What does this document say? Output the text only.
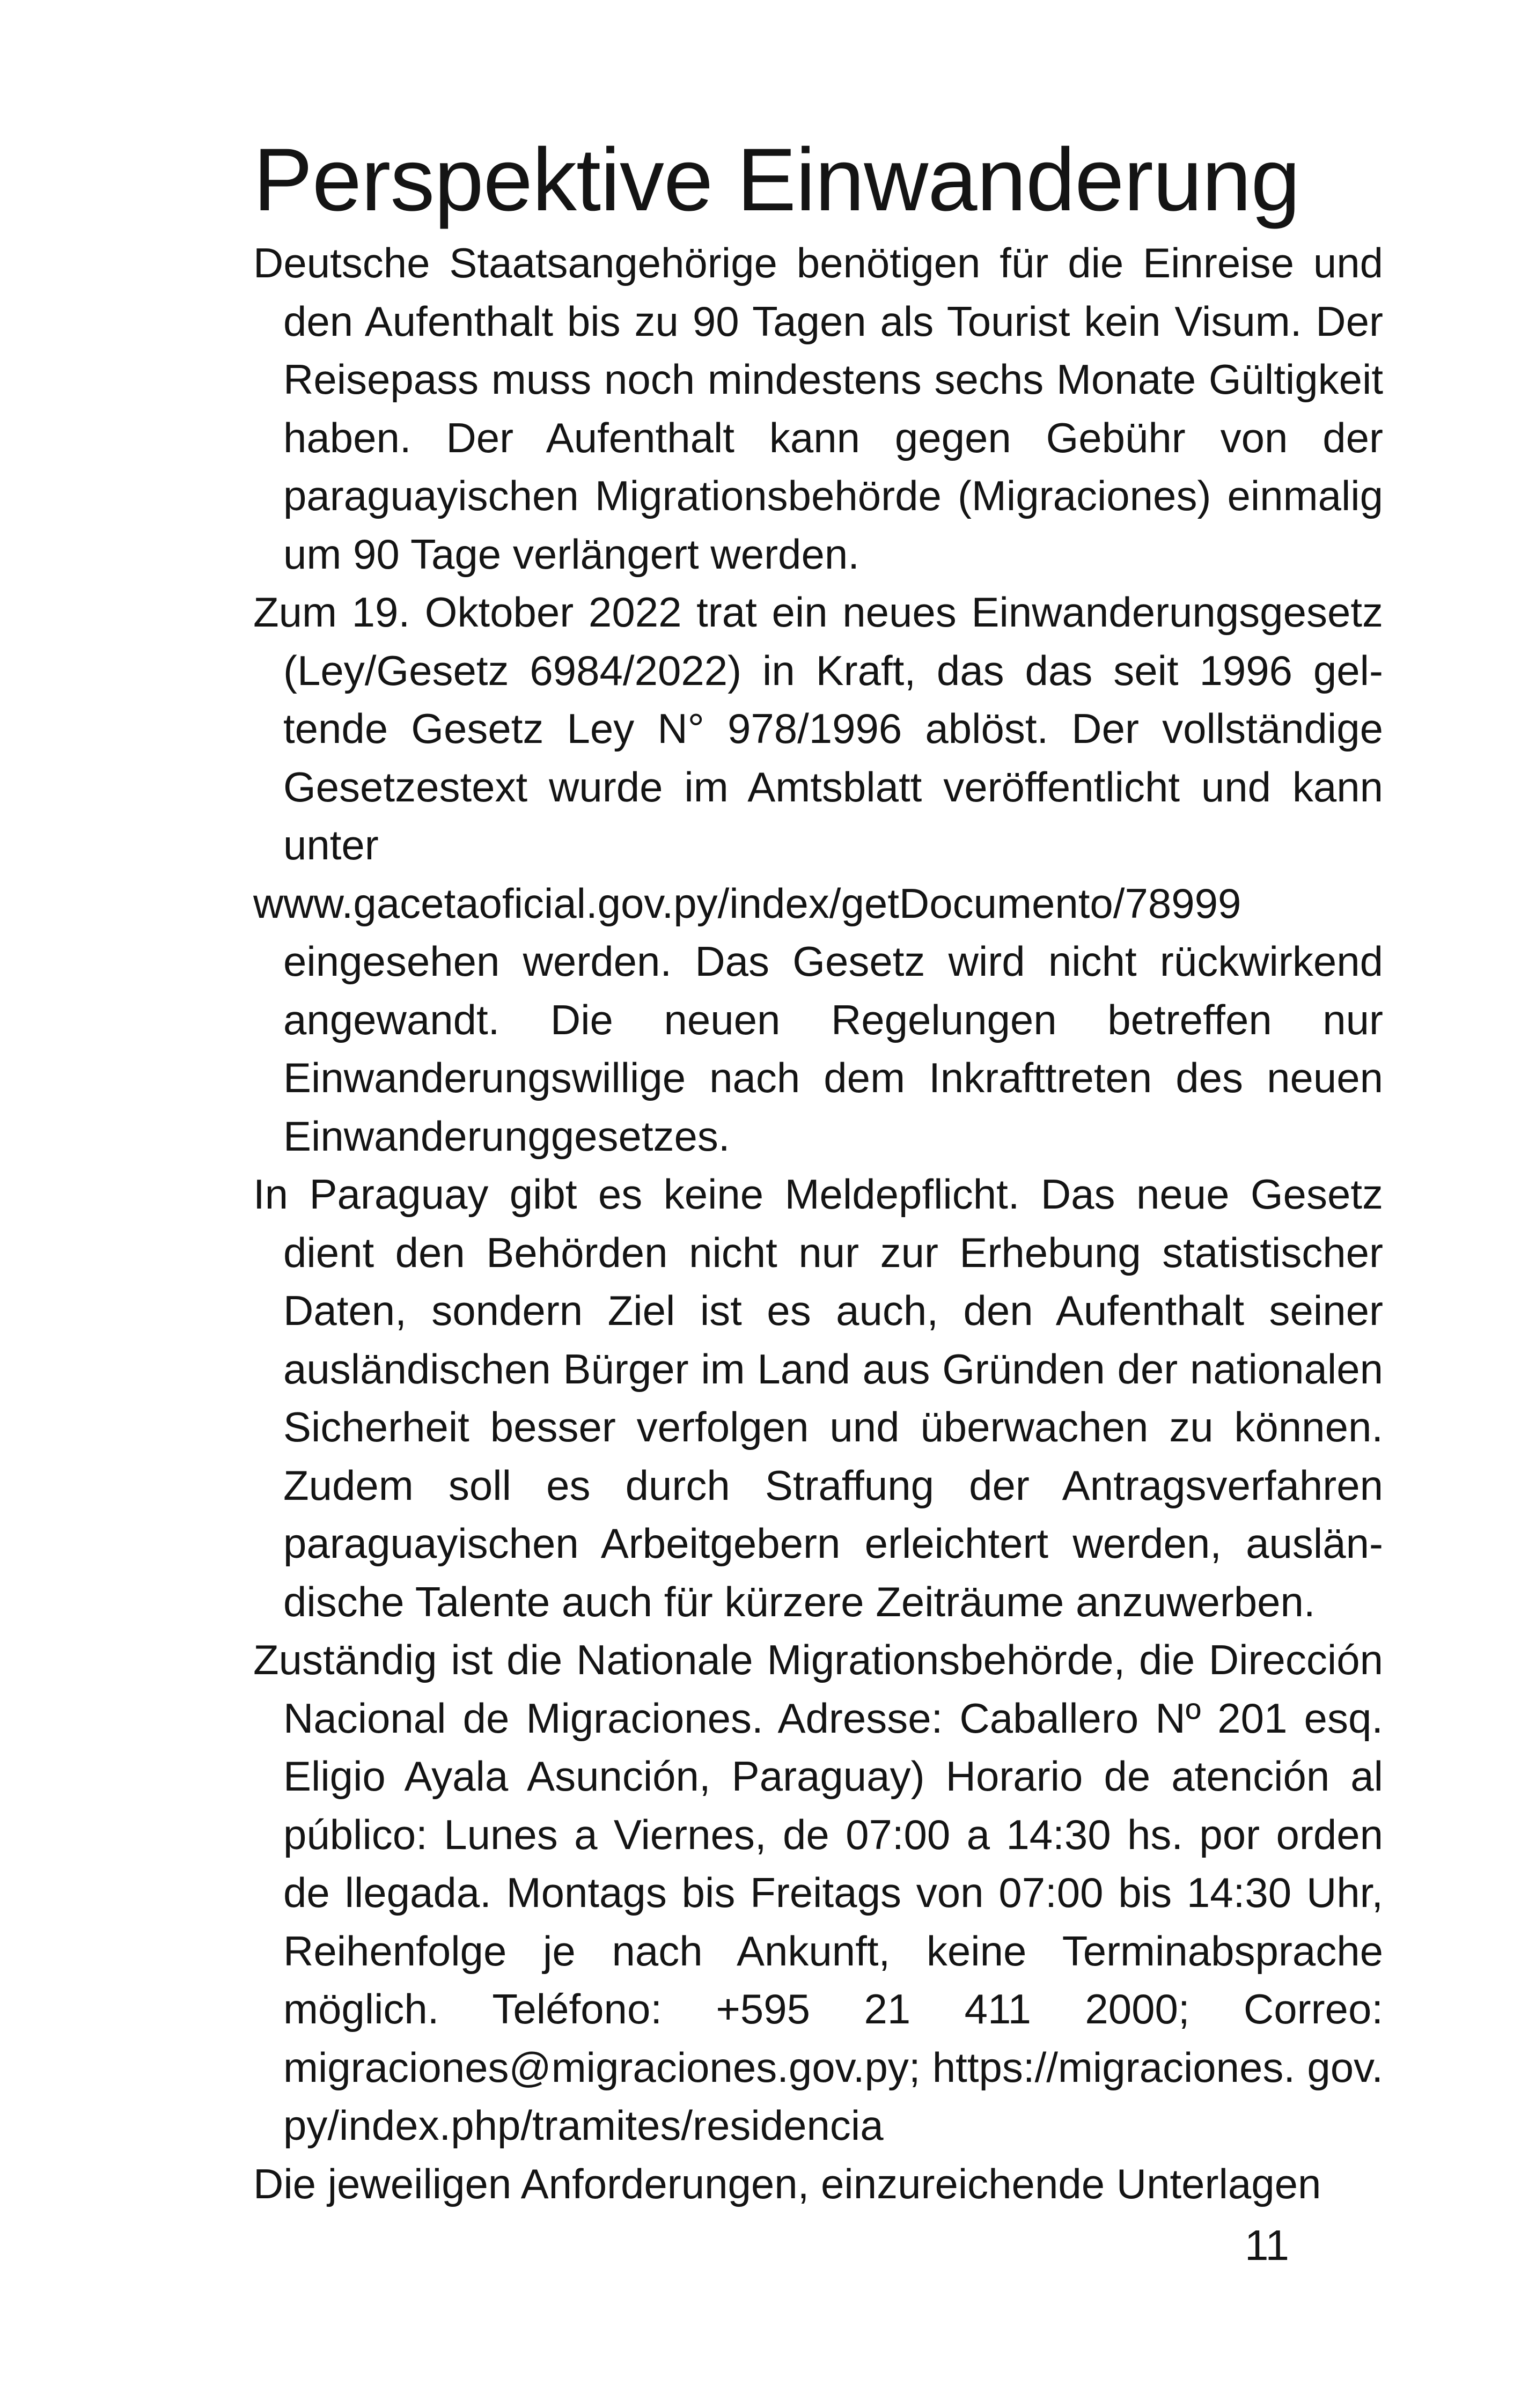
Perspektive Einwanderung

Deutsche Staatsangehörige benötigen für die Einreise und den Aufenthalt bis zu 90 Tagen als Tourist kein Visum. Der Reisepass muss noch mindestens sechs Monate Gültigkeit haben. Der Aufenthalt kann gegen Gebühr von der paraguayischen Migrationsbehörde (Migraciones) einmalig um 90 Tage verlängert werden.

Zum 19. Oktober 2022 trat ein neues Einwanderungsgesetz (Ley/Gesetz 6984/2022) in Kraft, das das seit 1996 geltende Gesetz Ley N° 978/1996 ablöst. Der vollständige Gesetzestext wurde im Amtsblatt veröffentlicht und kann unter

www.gacetaoficial.gov.py/index/getDocumento/78999

eingesehen werden. Das Gesetz wird nicht rückwirkend angewandt. Die neuen Regelungen betreffen nur Einwanderungswillige nach dem Inkrafttreten des neuen Einwanderunggesetzes.

In Paraguay gibt es keine Meldepflicht. Das neue Gesetz dient den Behörden nicht nur zur Erhebung statistischer Daten, sondern Ziel ist es auch, den Aufenthalt seiner ausländischen Bürger im Land aus Gründen der nationalen Sicherheit besser verfolgen und überwachen zu können. Zudem soll es durch Straffung der Antragsverfahren paraguayischen Arbeitgebern erleichtert werden, ausländische Talente auch für kürzere Zeiträume anzuwerben.

Zuständig ist die Nationale Migrationsbehörde, die Dirección Nacional de Migraciones. Adresse: Caballero Nº 201 esq. Eligio Ayala Asunción, Paraguay) Horario de atención al público: Lunes a Viernes, de 07:00 a 14:30 hs. por orden de llegada. Montags bis Freitags von 07:00 bis 14:30 Uhr, Reihenfolge je nach Ankunft, keine Terminabsprache möglich. Teléfono: +595 21 411 2000; Correo: migraciones@migraciones.gov.py; https://migraciones. gov. py/index.php/tramites/residencia

Die jeweiligen Anforderungen, einzureichende Unterlagen

11
